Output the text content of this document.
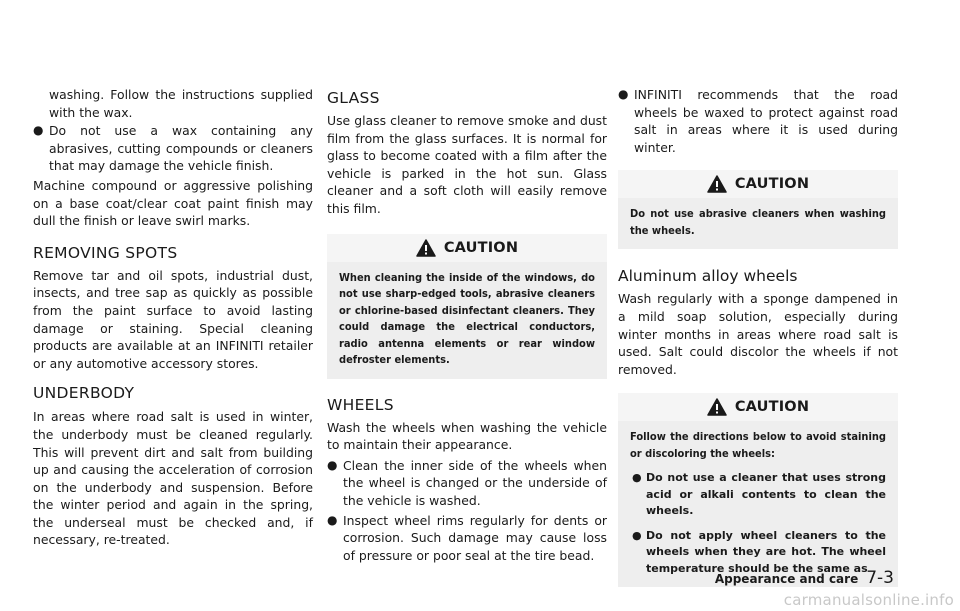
washing. Follow the instructions supplied with the wax.
● Do not use a wax containing any abrasives, cutting compounds or cleaners that may damage the vehicle finish.

Machine compound or aggressive polishing on a base coat/clear coat paint finish may dull the finish or leave swirl marks.

REMOVING SPOTS

Remove tar and oil spots, industrial dust, insects, and tree sap as quickly as possible from the paint surface to avoid lasting damage or staining. Special cleaning products are available at an INFINITI retailer or any automotive accessory stores.

UNDERBODY

In areas where road salt is used in winter, the underbody must be cleaned regularly. This will prevent dirt and salt from building up and causing the acceleration of corrosion on the underbody and suspension. Before the winter period and again in the spring, the underseal must be checked and, if necessary, re-treated.

GLASS

Use glass cleaner to remove smoke and dust film from the glass surfaces. It is normal for glass to become coated with a film after the vehicle is parked in the hot sun. Glass cleaner and a soft cloth will easily remove this film.

CAUTION

When cleaning the inside of the windows, do not use sharp-edged tools, abrasive cleaners or chlorine-based disinfectant cleaners. They could damage the electrical conductors, radio antenna elements or rear window defroster elements.

WHEELS

Wash the wheels when washing the vehicle to maintain their appearance.

● Clean the inner side of the wheels when the wheel is changed or the underside of the vehicle is washed.
● Inspect wheel rims regularly for dents or corrosion. Such damage may cause loss of pressure or poor seal at the tire bead.
● INFINITI recommends that the road wheels be waxed to protect against road salt in areas where it is used during winter.
CAUTION

Do not use abrasive cleaners when washing the wheels.

Aluminum alloy wheels

Wash regularly with a sponge dampened in a mild soap solution, especially during winter months in areas where road salt is used. Salt could discolor the wheels if not removed.

CAUTION

Follow the directions below to avoid staining or discoloring the wheels:

● Do not use a cleaner that uses strong acid or alkali contents to clean the wheels.
● Do not apply wheel cleaners to the wheels when they are hot. The wheel temperature should be the same as
Appearance and care 7-3
carmanualsonline.info
